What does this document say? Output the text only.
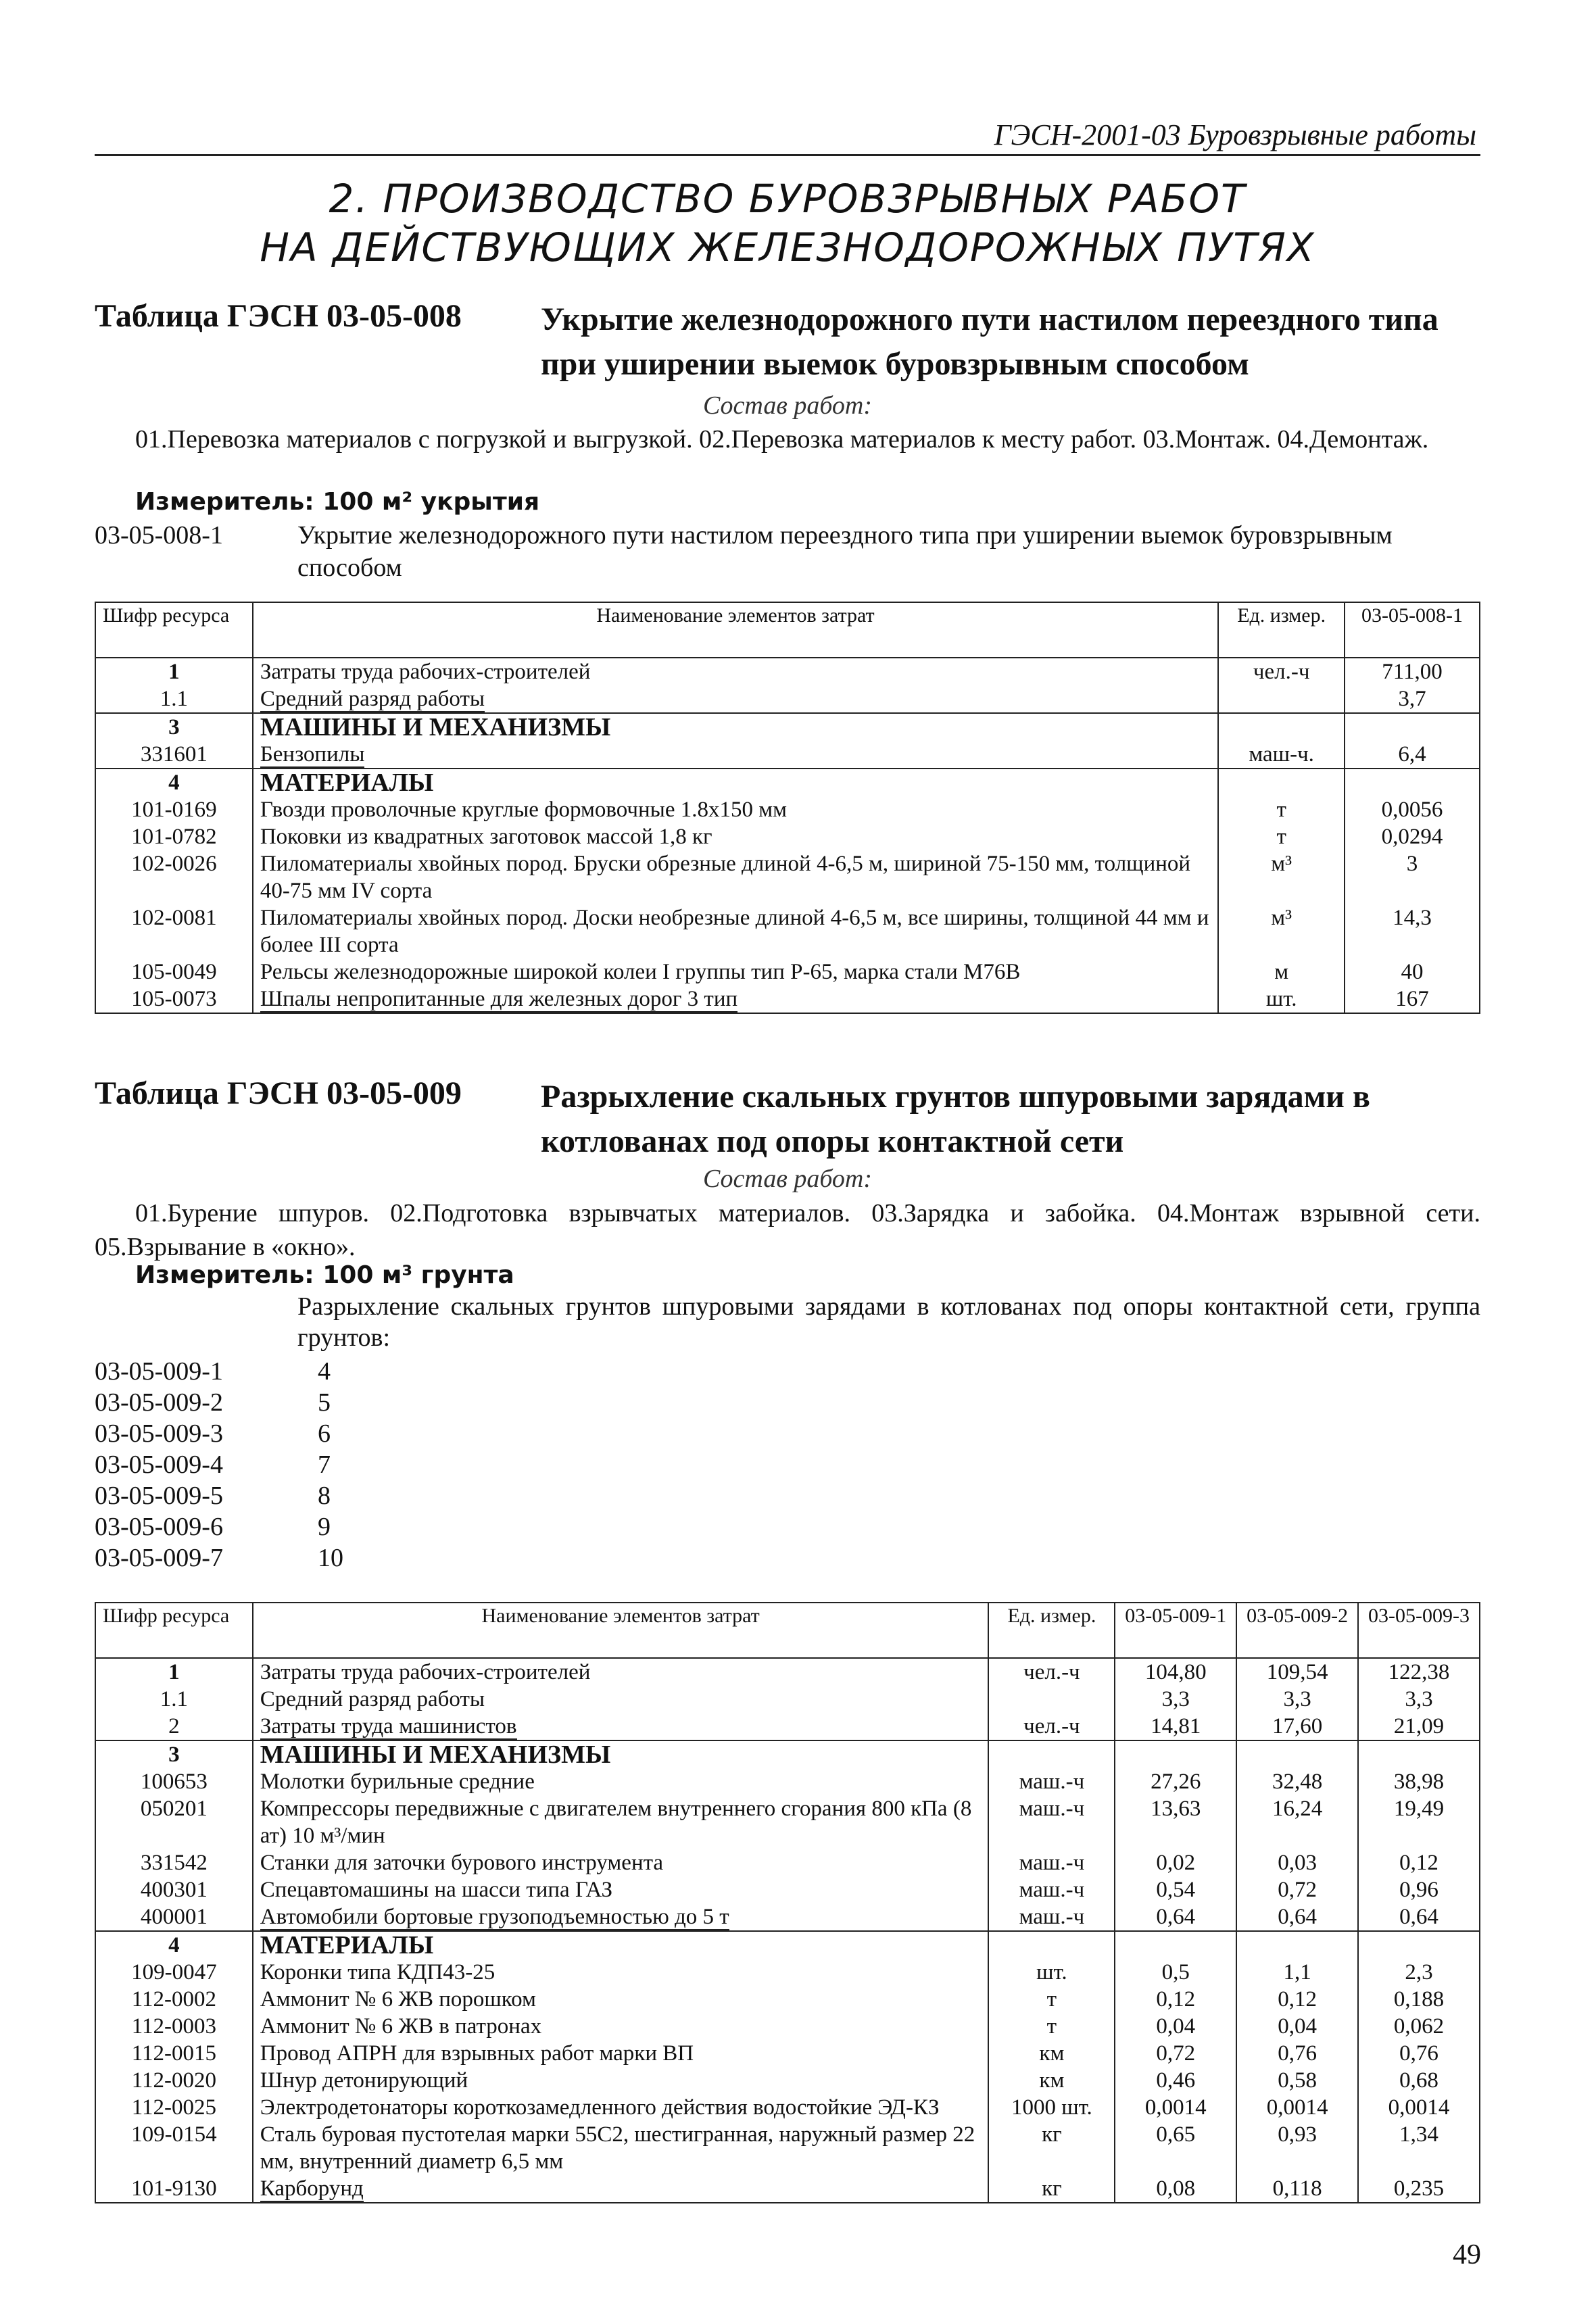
ГЭСН-2001-03 Буровзрывные работы
2. ПРОИЗВОДСТВО БУРОВЗРЫВНЫХ РАБОТ
НА ДЕЙСТВУЮЩИХ ЖЕЛЕЗНОДОРОЖНЫХ ПУТЯХ
Таблица ГЭСН 03-05-008 Укрытие железнодорожного пути настилом переездного типа при уширении выемок буровзрывным способом
Состав работ:
01.Перевозка материалов с погрузкой и выгрузкой. 02.Перевозка материалов к месту работ. 03.Монтаж. 04.Демонтаж.
Измеритель: 100 м² укрытия
03-05-008-1	Укрытие железнодорожного пути настилом переездного типа при уширении выемок буровзрывным способом
Шифр ресурса	Наименование элементов затрат	Ед. измер.	03-05-008-1
1	Затраты труда рабочих-строителей	чел.-ч	711,00
1.1	Средний разряд работы		3,7
3	МАШИНЫ И МЕХАНИЗМЫ		
331601	Бензопилы	маш-ч.	6,4
4	МАТЕРИАЛЫ		
101-0169	Гвозди проволочные круглые формовочные 1.8х150 мм	т	0,0056
101-0782	Поковки из квадратных заготовок массой 1,8 кг	т	0,0294
102-0026	Пиломатериалы хвойных пород. Бруски обрезные длиной 4-6,5 м, шириной 75-150 мм, толщиной 40-75 мм IV сорта	м³	3
102-0081	Пиломатериалы хвойных пород. Доски необрезные длиной 4-6,5 м, все ширины, толщиной 44 мм и более III сорта	м³	14,3
105-0049	Рельсы железнодорожные широкой колеи I группы тип Р-65, марка стали М76В	м	40
105-0073	Шпалы непропитанные для железных дорог 3 тип	шт.	167
Таблица ГЭСН 03-05-009 Разрыхление скальных грунтов шпуровыми зарядами в котлованах под опоры контактной сети
Состав работ:
01.Бурение шпуров. 02.Подготовка взрывчатых материалов. 03.Зарядка и забойка. 04.Монтаж взрывной сети. 05.Взрывание в «окно».
Измеритель: 100 м³ грунта
Разрыхление скальных грунтов шпуровыми зарядами в котлованах под опоры контактной сети, группа грунтов:
03-05-009-1	4
03-05-009-2	5
03-05-009-3	6
03-05-009-4	7
03-05-009-5	8
03-05-009-6	9
03-05-009-7	10
Шифр ресурса	Наименование элементов затрат	Ед. измер.	03-05-009-1	03-05-009-2	03-05-009-3
1	Затраты труда рабочих-строителей	чел.-ч	104,80	109,54	122,38
1.1	Средний разряд работы		3,3	3,3	3,3
2	Затраты труда машинистов	чел.-ч	14,81	17,60	21,09
3	МАШИНЫ И МЕХАНИЗМЫ				
100653	Молотки бурильные средние	маш.-ч	27,26	32,48	38,98
050201	Компрессоры передвижные с двигателем внутреннего сгорания 800 кПа (8 ат) 10 м³/мин	маш.-ч	13,63	16,24	19,49
331542	Станки для заточки бурового инструмента	маш.-ч	0,02	0,03	0,12
400301	Спецавтомашины на шасси типа ГАЗ	маш.-ч	0,54	0,72	0,96
400001	Автомобили бортовые грузоподъемностью до 5 т	маш.-ч	0,64	0,64	0,64
4	МАТЕРИАЛЫ				
109-0047	Коронки типа КДП43-25	шт.	0,5	1,1	2,3
112-0002	Аммонит № 6 ЖВ порошком	т	0,12	0,12	0,188
112-0003	Аммонит № 6 ЖВ в патронах	т	0,04	0,04	0,062
112-0015	Провод АПРН для взрывных работ марки ВП	км	0,72	0,76	0,76
112-0020	Шнур детонирующий	км	0,46	0,58	0,68
112-0025	Электродетонаторы короткозамедленного действия водостойкие ЭД-КЗ	1000 шт.	0,0014	0,0014	0,0014
109-0154	Сталь буровая пустотелая марки 55С2, шестигранная, наружный размер 22 мм, внутренний диаметр 6,5 мм	кг	0,65	0,93	1,34
101-9130	Карборунд	кг	0,08	0,118	0,235
49
